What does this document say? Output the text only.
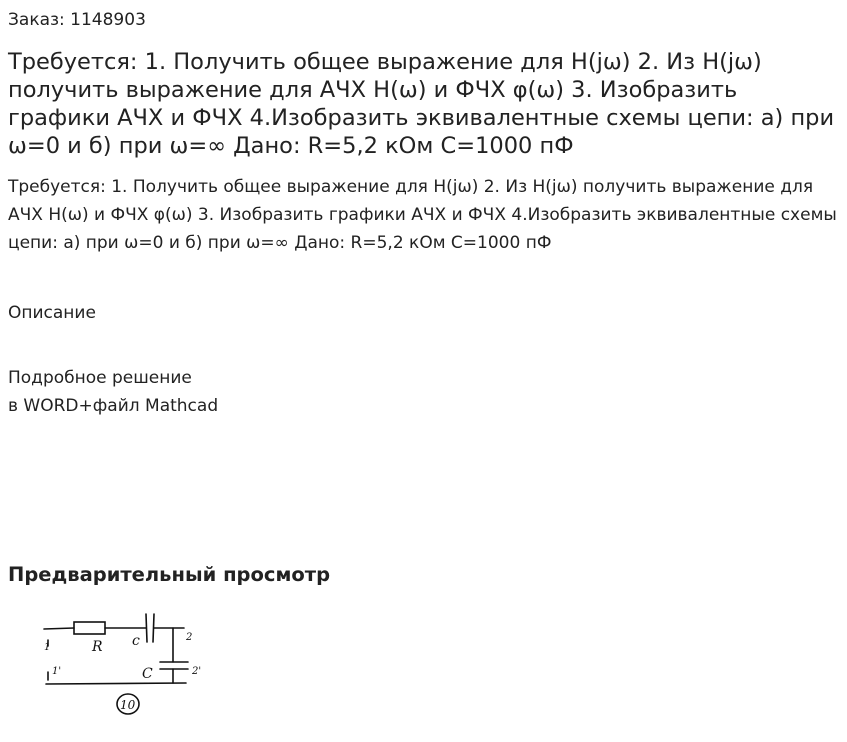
Заказ: 1148903
Требуется: 1. Получить общее выражение для H(jω) 2. Из H(jω) получить выражение для АЧХ H(ω) и ФЧХ φ(ω) 3. Изобразить графики АЧХ и ФЧХ 4.Изобразить эквивалентные схемы цепи: а) при ω=0 и б) при ω=∞ Дано: R=5,2 кОм C=1000 пФ

Требуется: 1. Получить общее выражение для H(jω) 2. Из H(jω) получить выражение для АЧХ H(ω) и ФЧХ φ(ω) 3. Изобразить графики АЧХ и ФЧХ 4.Изобразить эквивалентные схемы цепи: а) при ω=0 и б) при ω=∞ Дано: R=5,2 кОм C=1000 пФ

Описание
Подробное решение
в WORD+файл Mathcad
Предварительный просмотр
R c
C
1
1'
2
2'
10
